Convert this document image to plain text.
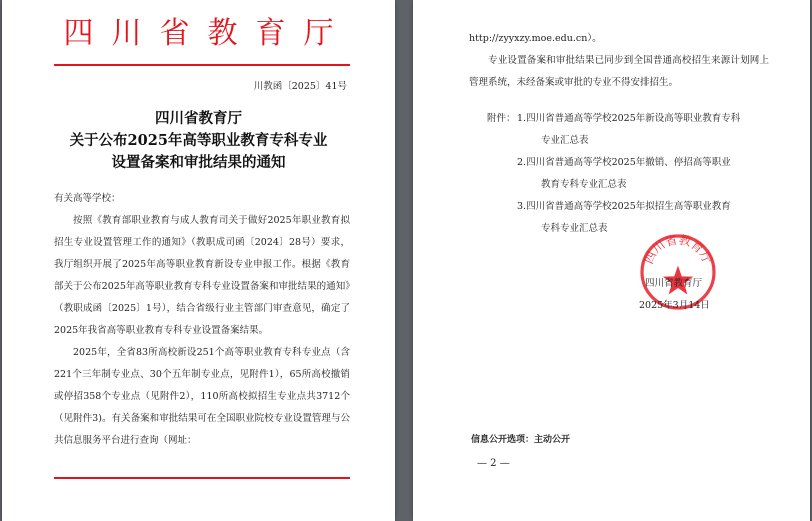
四川省教育厅
川教函〔2025〕41号
四川省教育厅
关于公布2025年高等职业教育专科专业
设置备案和审批结果的通知

有关高等学校：

按照《教育部职业教育与成人教育司关于做好2025年职业教育拟招生专业设置管理工作的通知》（教职成司函〔2024〕28号）要求，我厅组织开展了2025年高等职业教育新设专业申报工作。根据《教育部关于公布2025年高等职业教育专科专业设置备案和审批结果的通知》（教职成函〔2025〕1号），结合省级行业主管部门审查意见，确定了2025年我省高等职业教育专科专业设置备案结果。

2025年，全省83所高校新设251个高等职业教育专科专业点（含221个三年制专业点、30个五年制专业点，见附件1），65所高校撤销或停招358个专业点（见附件2），110所高校拟招生专业点共3712个（见附件3)。有关备案和审批结果可在全国职业院校专业设置管理与公共信息服务平台进行查询（网址：

http://zyyxzy.moe.edu.cn）。

专业设置备案和审批结果已同步到全国普通高校招生来源计划网上管理系统，未经备案或审批的专业不得安排招生。

附件： 1.四川省普通高等学校2025年新设高等职业教育专科
专业汇总表
2.四川省普通高等学校2025年撤销、停招高等职业
教育专科专业汇总表
3.四川省普通高等学校2025年拟招生高等职业教育
专科专业汇总表
四川省教育厅
四川省教育厅
2025年3月14日
信息公开选项：主动公开
— 2 —
